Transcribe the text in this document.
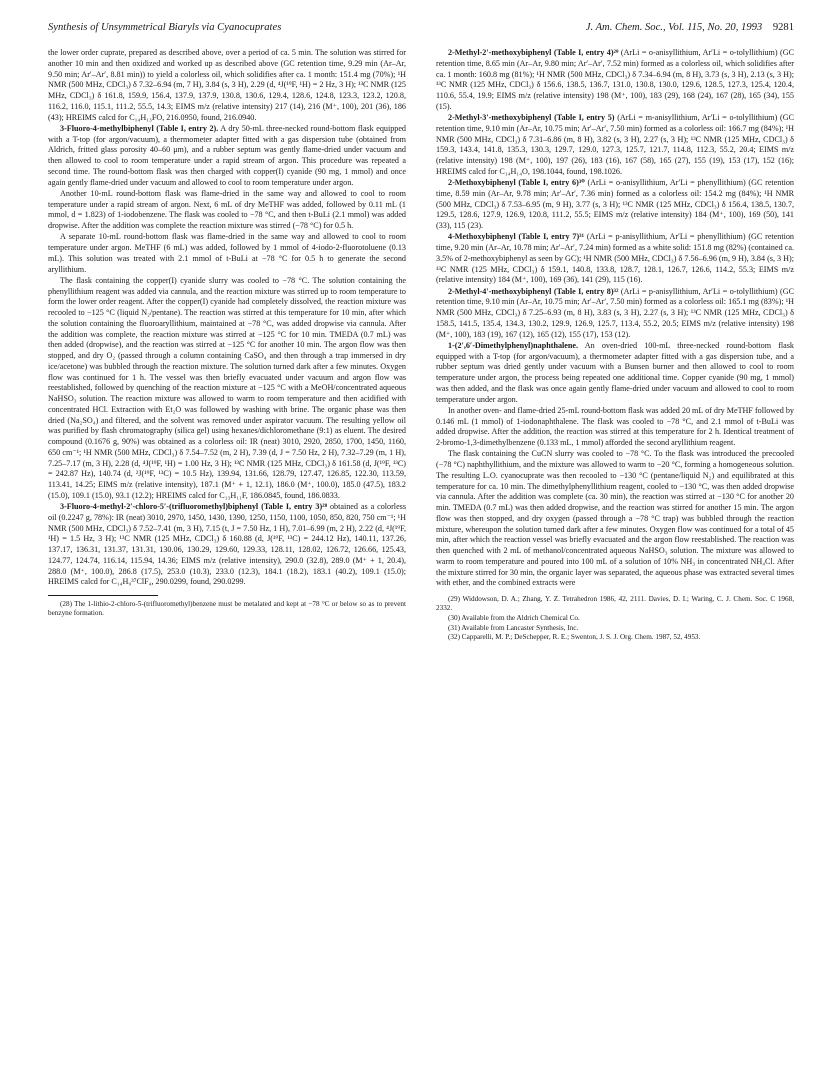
Synthesis of Unsymmetrical Biaryls via Cyanocuprates	J. Am. Chem. Soc., Vol. 115, No. 20, 1993 9281

the lower order cuprate, prepared as described above, over a period of ca. 5 min. The solution was stirred for another 10 min and then oxidized and worked up as described above (GC retention time, 9.29 min (Ar–Ar, 9.50 min; Ar′–Ar′, 8.81 min)) to yield a colorless oil, which solidifies after ca. 1 month: 151.4 mg (70%); ¹H NMR (500 MHz, CDCl₃) δ 7.32–6.94 (m, 7 H), 3.84 (s, 3 H), 2.29 (d, ⁴J(¹⁹F, ¹H) = 2 Hz, 3 H); ¹³C NMR (125 MHz, CDCl₃) δ 161.8, 159.9, 156.4, 137.9, 137.9, 130.8, 130.6, 129.4, 128.6, 124.8, 123.3, 123.2, 120.8, 116.2, 116.0, 115.1, 111.2, 55.5, 14.3; EIMS m/z (relative intensity) 217 (14), 216 (M⁺, 100), 201 (36), 186 (43); HREIMS calcd for C₁₄H₁₃FO, 216.0950, found, 216.0940.

3-Fluoro-4-methylbiphenyl (Table I, entry 2). A dry 50-mL three-necked round-bottom flask equipped with a T-top (for argon/vacuum), a thermometer adapter fitted with a gas dispersion tube (obtained from Aldrich, fritted glass porosity 40–60 μm), and a rubber septum was gently flame-dried under vacuum and then allowed to cool to room temperature under a rapid stream of argon. This procedure was repeated a second time. The round-bottom flask was then charged with copper(I) cyanide (90 mg, 1 mmol) and once again gently flame-dried under vacuum and allowed to cool to room temperature under argon.

Another 10-mL round-bottom flask was flame-dried in the same way and allowed to cool to room temperature under a rapid stream of argon. Next, 6 mL of dry MeTHF was added, followed by 0.11 mL (1 mmol, d = 1.823) of 1-iodobenzene. The flask was cooled to −78 °C, and then t-BuLi (2.1 mmol) was added dropwise. After the addition was complete the reaction mixture was stirred (−78 °C) for 0.5 h.

A separate 10-mL round-bottom flask was flame-dried in the same way and allowed to cool to room temperature under argon. MeTHF (6 mL) was added, followed by 1 mmol of 4-iodo-2-fluorotoluene (0.13 mL). This solution was treated with 2.1 mmol of t-BuLi at −78 °C for 0.5 h to generate the second aryllithium.

The flask containing the copper(I) cyanide slurry was cooled to −78 °C. The solution containing the phenyllithium reagent was added via cannula, and the reaction mixture was stirred up to room temperature to form the lower order reagent. After the copper(I) cyanide had completely dissolved, the reaction mixture was recooled to −125 °C (liquid N₂/pentane). The reaction was stirred at this temperature for 10 min, after which the solution containing the fluoroaryllithium, maintained at −78 °C, was added dropwise via cannula. After the addition was complete, the reaction mixture was stirred at −125 °C for 10 min. TMEDA (0.7 mL) was then added (dropwise), and the reaction was stirred at −125 °C for another 10 min. The argon flow was then stopped, and dry O₂ (passed through a column containing CaSO₄ and then through a trap immersed in dry ice/acetone) was bubbled through the reaction mixture. The solution turned dark after a few minutes. Oxygen flow was continued for 1 h. The vessel was then briefly evacuated under vacuum and argon flow was reestablished, followed by quenching of the reaction mixture at −125 °C with a MeOH/concentrated aqueous NaHSO₃ solution. The reaction mixture was allowed to warm to room temperature and then acidified with concentrated HCl. Extraction with Et₂O was followed by washing with brine. The organic phase was then dried (Na₂SO₄) and filtered, and the solvent was removed under aspirator vacuum. The resulting yellow oil was purified by flash chromatography (silica gel) using hexanes/dichloromethane (9:1) as eluent. The desired compound (0.1676 g, 90%) was obtained as a colorless oil: IR (neat) 3010, 2920, 2850, 1700, 1450, 1160, 650 cm⁻¹; ¹H NMR (500 MHz, CDCl₃) δ 7.54–7.52 (m, 2 H), 7.39 (d, J = 7.50 Hz, 2 H), 7.32–7.29 (m, 1 H), 7.25–7.17 (m, 3 H), 2.28 (d, ⁴J(¹⁹F, ¹H) = 1.00 Hz, 3 H); ¹³C NMR (125 MHz, CDCl₃) δ 161.58 (d, J(¹⁹F, ¹³C) = 242.87 Hz), 140.74 (d, ²J(¹⁹F, ¹³C) = 10.5 Hz), 139.94, 131.66, 128.79, 127.47, 126.85, 122.30, 113.59, 113.41, 14.25; EIMS m/z (relative intensity), 187.1 (M⁺ + 1, 12.1), 186.0 (M⁺, 100.0), 185.0 (47.5), 183.2 (15.0), 109.1 (15.0), 93.1 (12.2); HREIMS calcd for C₁₃H₁₁F, 186.0845, found, 186.0833.

3-Fluoro-4-methyl-2′-chloro-5′-(trifluoromethyl)biphenyl (Table I, entry 3)²⁸ obtained as a colorless oil (0.2247 g, 78%): IR (neat) 3010, 2970, 1450, 1430, 1390, 1250, 1150, 1100, 1050, 850, 820, 750 cm⁻¹; ¹H NMR (500 MHz, CDCl₃) δ 7.52–7.41 (m, 3 H), 7.15 (t, J = 7.50 Hz, 1 H), 7.01–6.99 (m, 2 H), 2.22 (d, ⁴J(¹⁹F, ¹H) = 1.5 Hz, 3 H); ¹³C NMR (125 MHz, CDCl₃) δ 160.88 (d, J(¹⁹F, ¹³C) = 244.12 Hz), 140.11, 137.26, 137.17, 136.31, 131.37, 131.31, 130.06, 130.29, 129.60, 129.33, 128.11, 128.02, 126.72, 126.66, 125.43, 124.77, 124.74, 116.14, 115.94, 14.36; EIMS m/z (relative intensity), 290.0 (32.8), 289.0 (M⁺ + 1, 20.4), 288.0 (M⁺, 100.0), 286.8 (17.5), 253.0 (10.3), 233.0 (12.3), 184.1 (18.2), 183.1 (40.2), 109.1 (15.0); HREIMS calcd for C₁₄H₉³⁷ClF₄, 290.0299, found, 290.0299.

(28) The 1-lithio-2-chloro-5-(trifluoromethyl)benzene must be metalated and kept at −78 °C or below so as to prevent benzyne formation.

2-Methyl-2′-methoxybiphenyl (Table I, entry 4)²⁹ (ArLi = o-anisyllithium, Ar′Li = o-tolyllithium) (GC retention time, 8.65 min (Ar–Ar, 9.80 min; Ar′–Ar′, 7.52 min) formed as a colorless oil, which solidifies after ca. 1 month: 160.8 mg (81%); ¹H NMR (500 MHz, CDCl₃) δ 7.34–6.94 (m, 8 H), 3.73 (s, 3 H), 2.13 (s, 3 H); ¹³C NMR (125 MHz, CDCl₃) δ 156.6, 138.5, 136.7, 131.0, 130.8, 130.0, 129.6, 128.5, 127.3, 125.4, 120.4, 110.6, 55.4, 19.9; EIMS m/z (relative intensity) 198 (M⁺, 100), 183 (29), 168 (24), 167 (28), 165 (34), 155 (15).

2-Methyl-3′-methoxybiphenyl (Table I, entry 5) (ArLi = m-anisyllithium, Ar′Li = o-tolyllithium) (GC retention time, 9.10 min (Ar–Ar, 10.75 min; Ar′–Ar′, 7.50 min) formed as a colorless oil: 166.7 mg (84%); ¹H NMR (500 MHz, CDCl₃) δ 7.31–6.86 (m, 8 H), 3.82 (s, 3 H), 2.27 (s, 3 H); ¹³C NMR (125 MHz, CDCl₃) δ 159.3, 143.4, 141.8, 135.3, 130.3, 129.7, 129.0, 127.3, 125.7, 121.7, 114.8, 112.3, 55.2, 20.4; EIMS m/z (relative intensity) 198 (M⁺, 100), 197 (26), 183 (16), 167 (58), 165 (27), 155 (19), 153 (17), 152 (16); HREIMS calcd for C₁₄H₁₄O, 198.1044, found, 198.1026.

2-Methoxybiphenyl (Table I, entry 6)³⁰ (ArLi = o-anisyllithium, Ar′Li = phenyllithium) (GC retention time, 8.59 min (Ar–Ar, 9.78 min; Ar′–Ar′, 7.36 min) formed as a colorless oil: 154.2 mg (84%); ¹H NMR (500 MHz, CDCl₃) δ 7.53–6.95 (m, 9 H), 3.77 (s, 3 H); ¹³C NMR (125 MHz, CDCl₃) δ 156.4, 138.5, 130.7, 129.5, 128.6, 127.9, 126.9, 120.8, 111.2, 55.5; EIMS m/z (relative intensity) 184 (M⁺, 100), 169 (50), 141 (33), 115 (23).

4-Methoxybiphenyl (Table I, entry 7)³¹ (ArLi = p-anisyllithium, Ar′Li = phenyllithium) (GC retention time, 9.20 min (Ar–Ar, 10.78 min; Ar′–Ar′, 7.24 min) formed as a white solid: 151.8 mg (82%) (contained ca. 3.5% of 2-methoxybiphenyl as seen by GC); ¹H NMR (500 MHz, CDCl₃) δ 7.56–6.96 (m, 9 H), 3.84 (s, 3 H); ¹³C NMR (125 MHz, CDCl₃) δ 159.1, 140.8, 133.8, 128.7, 128.1, 126.7, 126.6, 114.2, 55.3; EIMS m/z (relative intensity) 184 (M⁺, 100), 169 (36), 141 (29), 115 (16).

2-Methyl-4′-methoxybiphenyl (Table I, entry 8)³² (ArLi = p-anisyllithium, Ar′Li = o-tolyllithium) (GC retention time, 9.10 min (Ar–Ar, 10.75 min; Ar′–Ar′, 7.50 min) formed as a colorless oil: 165.1 mg (83%); ¹H NMR (500 MHz, CDCl₃) δ 7.25–6.93 (m, 8 H), 3.83 (s, 3 H), 2.27 (s, 3 H); ¹³C NMR (125 MHz, CDCl₃) δ 158.5, 141.5, 135.4, 134.3, 130.2, 129.9, 126.9, 125.7, 113.4, 55.2, 20.5; EIMS m/z (relative intensity) 198 (M⁺, 100), 183 (19), 167 (12), 165 (12), 155 (17), 153 (12).

1-(2′,6′-Dimethylphenyl)naphthalene. An oven-dried 100-mL three-necked round-bottom flask equipped with a T-top (for argon/vacuum), a thermometer adapter fitted with a gas dispersion tube, and a rubber septum was dried gently under vacuum with a Bunsen burner and then allowed to cool to room temperature under argon, the process being repeated one additional time. Copper cyanide (90 mg, 1 mmol) was then added, and the flask was once again gently flame-dried under vacuum and allowed to cool to room temperature under argon.

In another oven- and flame-dried 25-mL round-bottom flask was added 20 mL of dry MeTHF followed by 0.146 mL (1 mmol) of 1-iodonaphthalene. The flask was cooled to −78 °C, and 2.1 mmol of t-BuLi was added dropwise. After the addition, the reaction was stirred at this temperature for 2 h. Identical treatment of 2-bromo-1,3-dimethylbenzene (0.133 mL, 1 mmol) afforded the second aryllithium reagent.

The flask containing the CuCN slurry was cooled to −78 °C. To the flask was introduced the precooled (−78 °C) naphthyllithium, and the mixture was allowed to warm to −20 °C, forming a homogeneous solution. The resulting L.O. cyanocuprate was then recooled to −130 °C (pentane/liquid N₂) and equilibrated at this temperature for ca. 10 min. The dimethylphenyllithium reagent, cooled to −130 °C, was then added dropwise via cannula. After the addition was complete (ca. 30 min), the reaction was stirred at −130 °C for another 20 min. TMEDA (0.7 mL) was then added dropwise, and the reaction was stirred for another 15 min. The argon flow was then stopped, and dry oxygen (passed through a −78 °C trap) was bubbled through the reaction mixture, whereupon the solution turned dark after a few minutes. Oxygen flow was continued for a total of 45 min, after which the reaction vessel was briefly evacuated and the argon flow reestablished. The reaction was then quenched with 2 mL of methanol/concentrated aqueous NaHSO₃ solution. The mixture was allowed to warm to room temperature and poured into 100 mL of a solution of 10% NH₃ in concentrated NH₄Cl. After the mixture stirred for 30 min, the organic layer was separated, the aqueous phase was extracted several times with ether, and the combined extracts were

(29) Widdowson, D. A.; Zhang, Y. Z. Tetrahedron 1986, 42, 2111. Davies, D. I.; Waring, C. J. Chem. Soc. C 1968, 2332.

(30) Available from the Aldrich Chemical Co.

(31) Available from Lancaster Synthesis, Inc.

(32) Capparelli, M. P.; DeSchepper, R. E.; Swenton, J. S. J. Org. Chem. 1987, 52, 4953.
